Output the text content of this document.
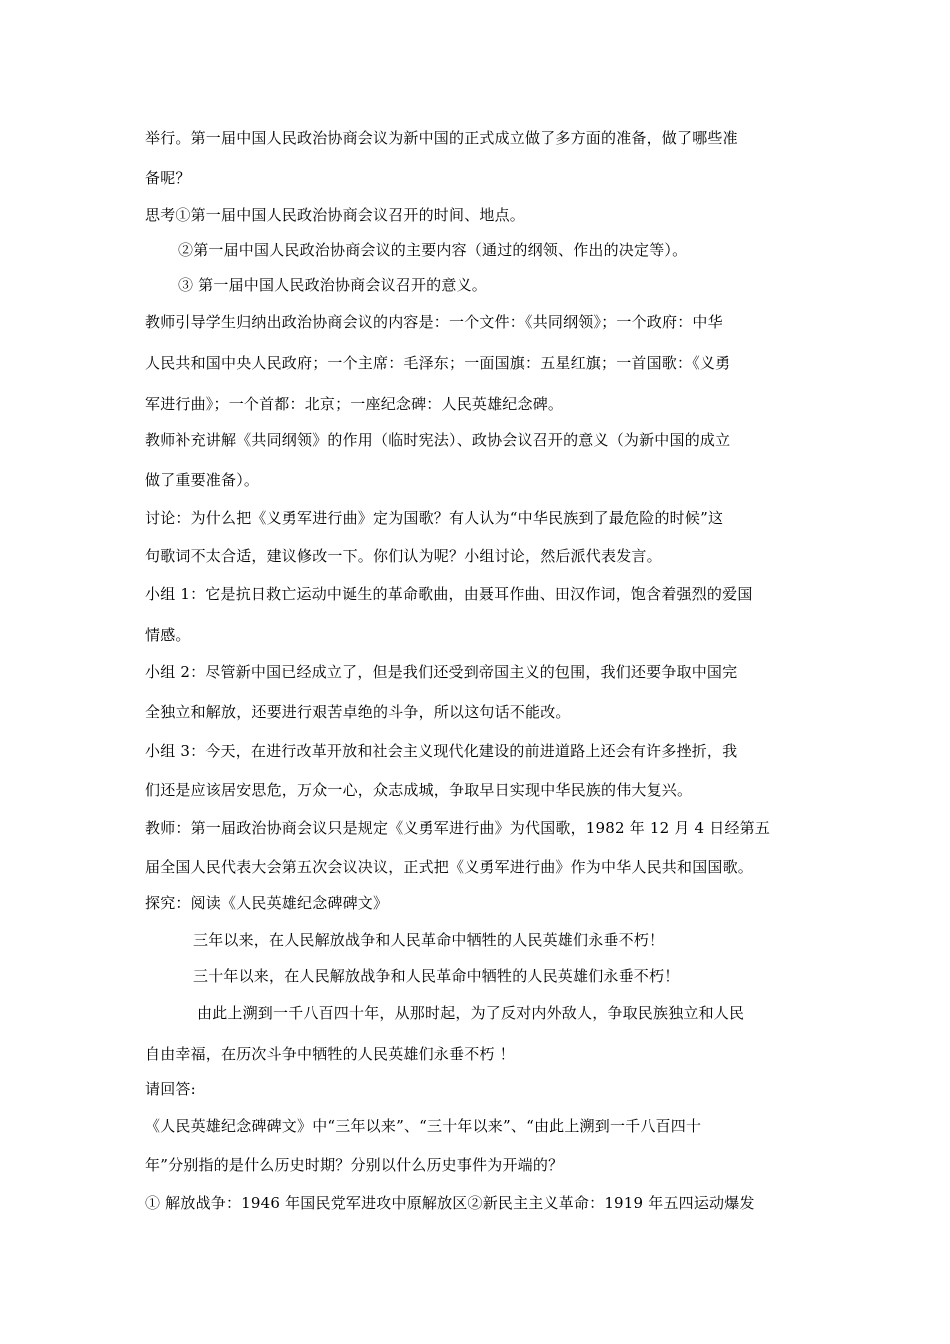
举行。第一届中国人民政治协商会议为新中国的正式成立做了多方面的准备，做了哪些准
备呢？
思考①第一届中国人民政治协商会议召开的时间、地点。
②第一届中国人民政治协商会议的主要内容（通过的纲领、作出的决定等）。
③ 第一届中国人民政治协商会议召开的意义。
教师引导学生归纳出政治协商会议的内容是：一个文件：《共同纲领》；一个政府：中华
人民共和国中央人民政府；一个主席：毛泽东；一面国旗：五星红旗；一首国歌：《义勇
军进行曲》；一个首都：北京；一座纪念碑：人民英雄纪念碑。
教师补充讲解《共同纲领》的作用（临时宪法）、政协会议召开的意义（为新中国的成立
做了重要准备）。
讨论：为什么把《义勇军进行曲》定为国歌？有人认为“中华民族到了最危险的时候”这
句歌词不太合适，建议修改一下。你们认为呢？小组讨论，然后派代表发言。
小组 1：它是抗日救亡运动中诞生的革命歌曲，由聂耳作曲、田汉作词，饱含着强烈的爱国
情感。
小组 2：尽管新中国已经成立了，但是我们还受到帝国主义的包围，我们还要争取中国完
全独立和解放，还要进行艰苦卓绝的斗争，所以这句话不能改。
小组 3：今天，在进行改革开放和社会主义现代化建设的前进道路上还会有许多挫折，我
们还是应该居安思危，万众一心，众志成城，争取早日实现中华民族的伟大复兴。
教师：第一届政治协商会议只是规定《义勇军进行曲》为代国歌，1982 年 12 月 4 日经第五
届全国人民代表大会第五次会议决议，正式把《义勇军进行曲》作为中华人民共和国国歌。
探究：阅读《人民英雄纪念碑碑文》
三年以来，在人民解放战争和人民革命中牺牲的人民英雄们永垂不朽！
三十年以来，在人民解放战争和人民革命中牺牲的人民英雄们永垂不朽！
由此上溯到一千八百四十年，从那时起，为了反对内外敌人，争取民族独立和人民
自由幸福，在历次斗争中牺牲的人民英雄们永垂不朽 ！
请回答:
《人民英雄纪念碑碑文》中“三年以来”、“三十年以来”、“由此上溯到一千八百四十
年”分别指的是什么历史时期？分别以什么历史事件为开端的？
① 解放战争：1946 年国民党军进攻中原解放区②新民主主义革命：1919 年五四运动爆发
